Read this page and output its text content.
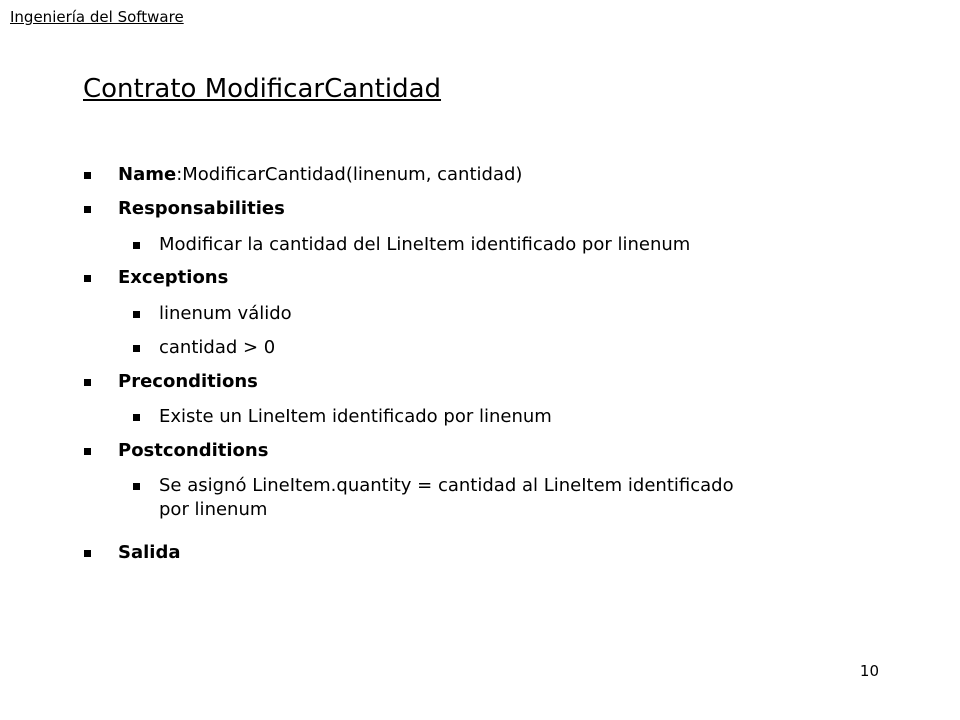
Ingeniería del Software
Contrato ModificarCantidad
Name:ModificarCantidad(linenum, cantidad)
Responsabilities
Modificar la cantidad del LineItem identificado por linenum
Exceptions
linenum válido
cantidad > 0
Preconditions
Existe un LineItem identificado por linenum
Postconditions
Se asignó LineItem.quantity = cantidad al LineItem identificado
por linenum
Salida
10
